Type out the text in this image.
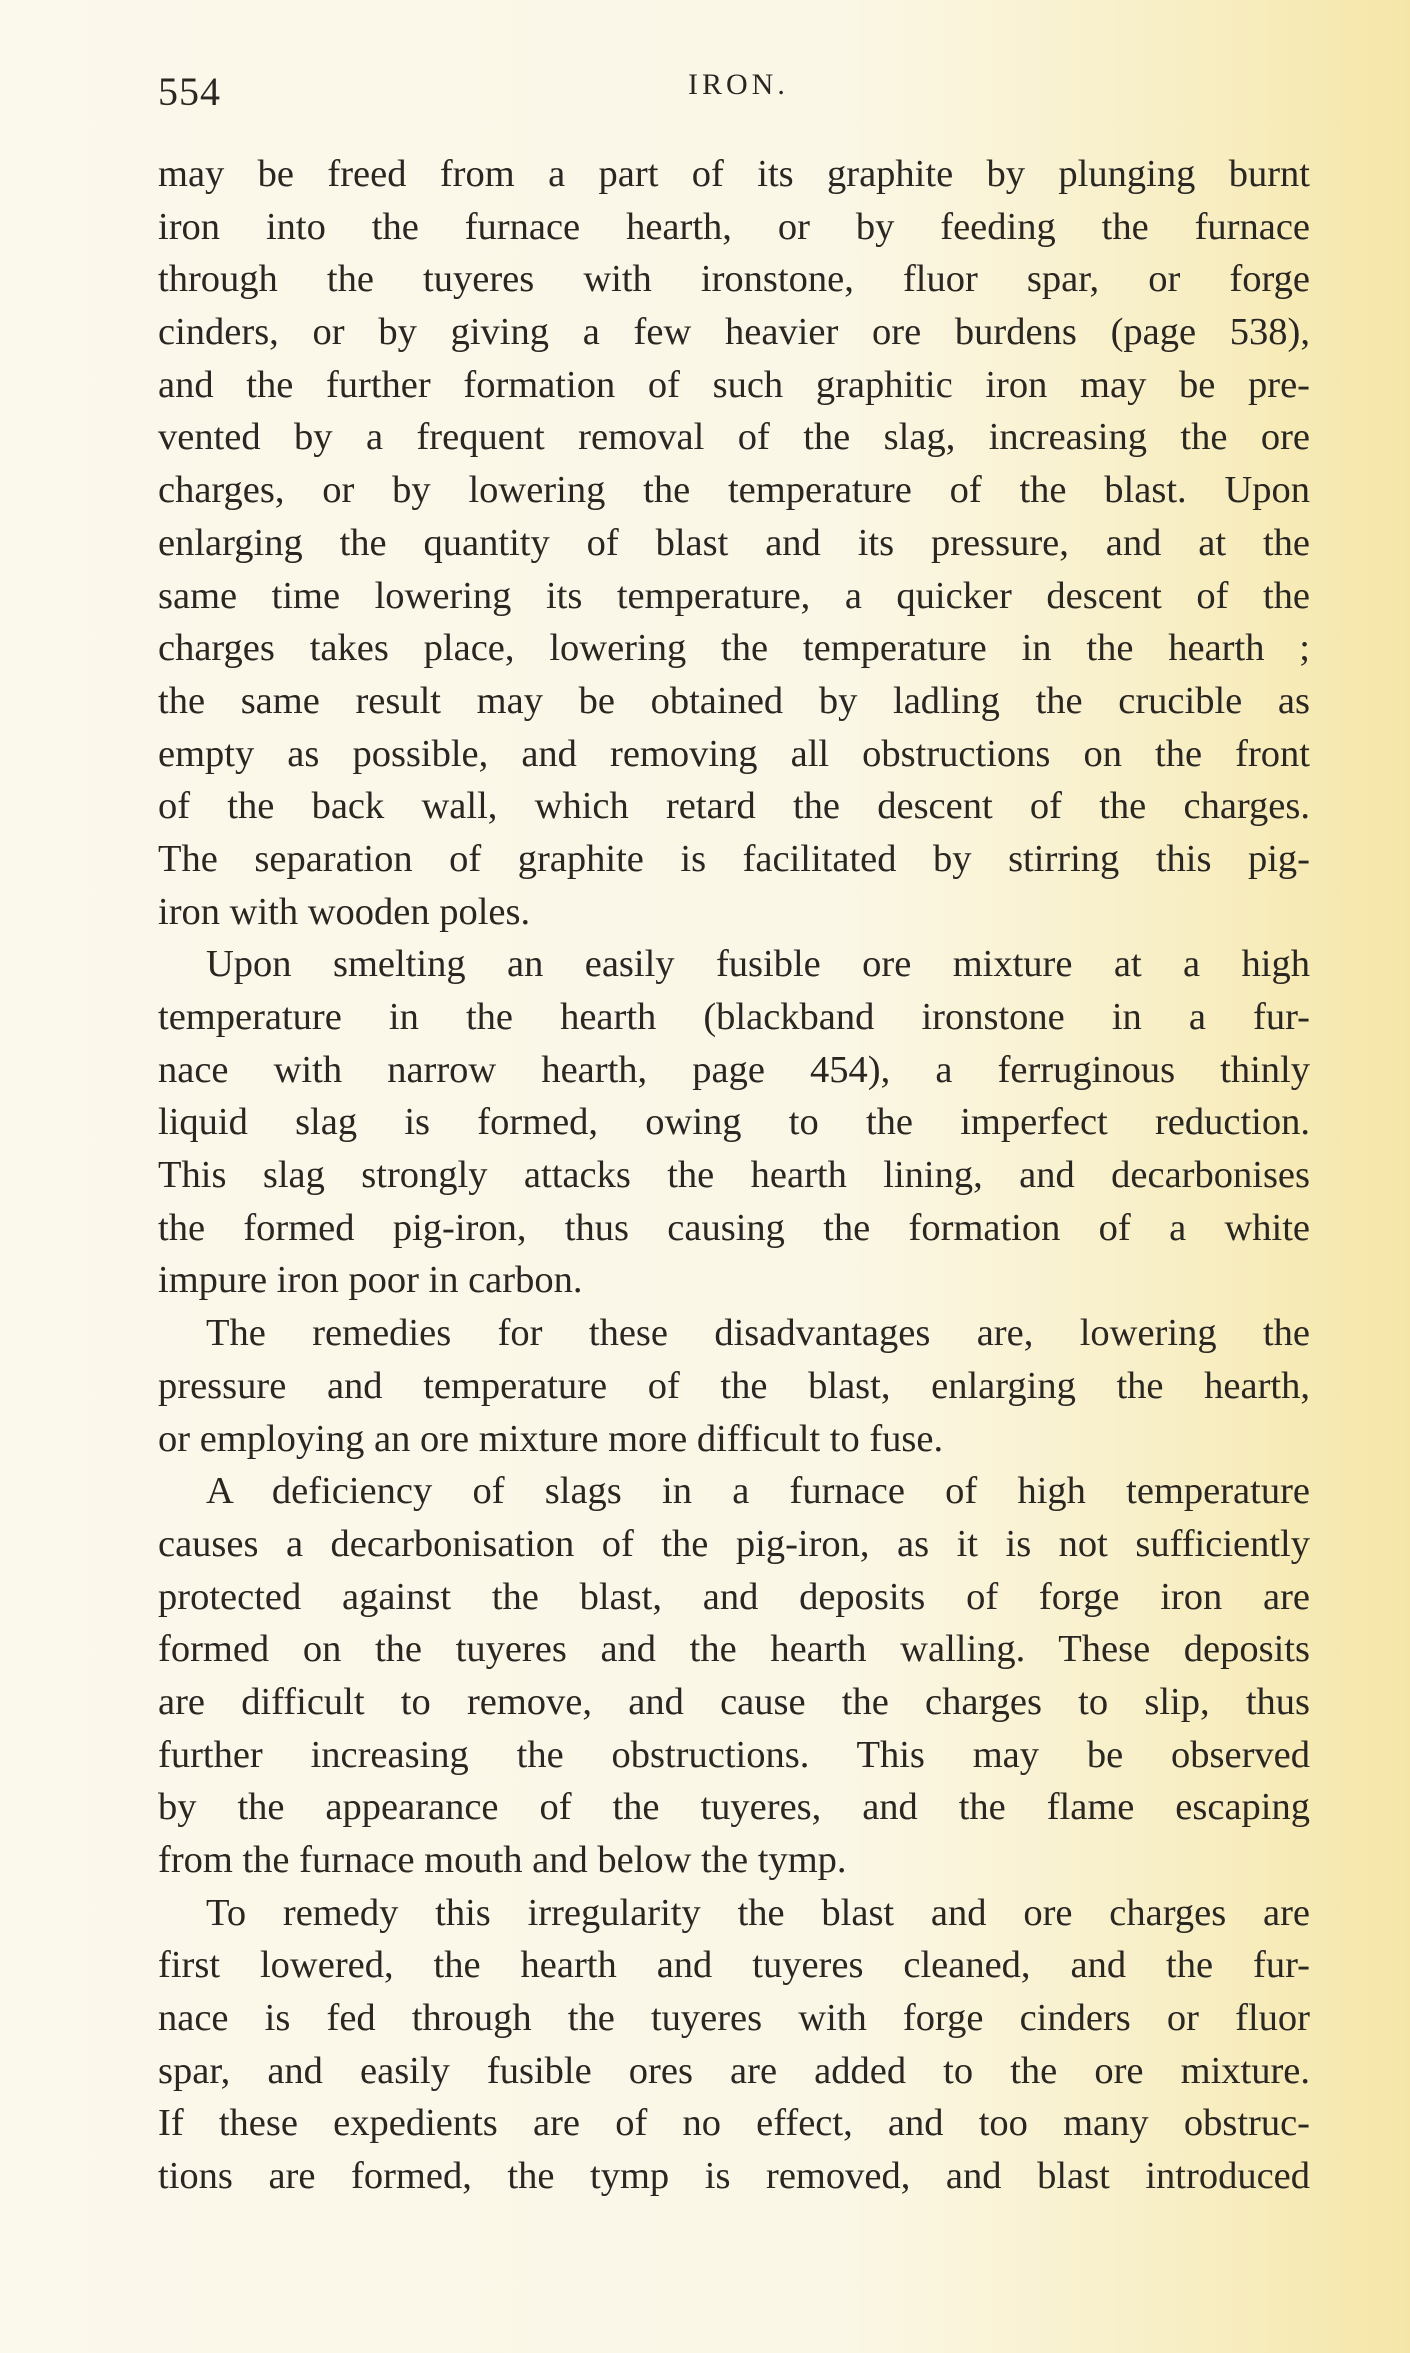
554	IRON.
may be freed from a part of its graphite by plunging burnt
iron into the furnace hearth, or by feeding the furnace
through the tuyeres with ironstone, fluor spar, or forge
cinders, or by giving a few heavier ore burdens (page 538),
and the further formation of such graphitic iron may be pre-
vented by a frequent removal of the slag, increasing the ore
charges, or by lowering the temperature of the blast. Upon
enlarging the quantity of blast and its pressure, and at the
same time lowering its temperature, a quicker descent of the
charges takes place, lowering the temperature in the hearth ;
the same result may be obtained by ladling the crucible as
empty as possible, and removing all obstructions on the front
of the back wall, which retard the descent of the charges.
The separation of graphite is facilitated by stirring this pig-
iron with wooden poles.
Upon smelting an easily fusible ore mixture at a high
temperature in the hearth (blackband ironstone in a fur-
nace with narrow hearth, page 454), a ferruginous thinly
liquid slag is formed, owing to the imperfect reduction.
This slag strongly attacks the hearth lining, and decarbonises
the formed pig-iron, thus causing the formation of a white
impure iron poor in carbon.
The remedies for these disadvantages are, lowering the
pressure and temperature of the blast, enlarging the hearth,
or employing an ore mixture more difficult to fuse.
A deficiency of slags in a furnace of high temperature
causes a decarbonisation of the pig-iron, as it is not sufficiently
protected against the blast, and deposits of forge iron are
formed on the tuyeres and the hearth walling. These deposits
are difficult to remove, and cause the charges to slip, thus
further increasing the obstructions. This may be observed
by the appearance of the tuyeres, and the flame escaping
from the furnace mouth and below the tymp.
To remedy this irregularity the blast and ore charges are
first lowered, the hearth and tuyeres cleaned, and the fur-
nace is fed through the tuyeres with forge cinders or fluor
spar, and easily fusible ores are added to the ore mixture.
If these expedients are of no effect, and too many obstruc-
tions are formed, the tymp is removed, and blast introduced
